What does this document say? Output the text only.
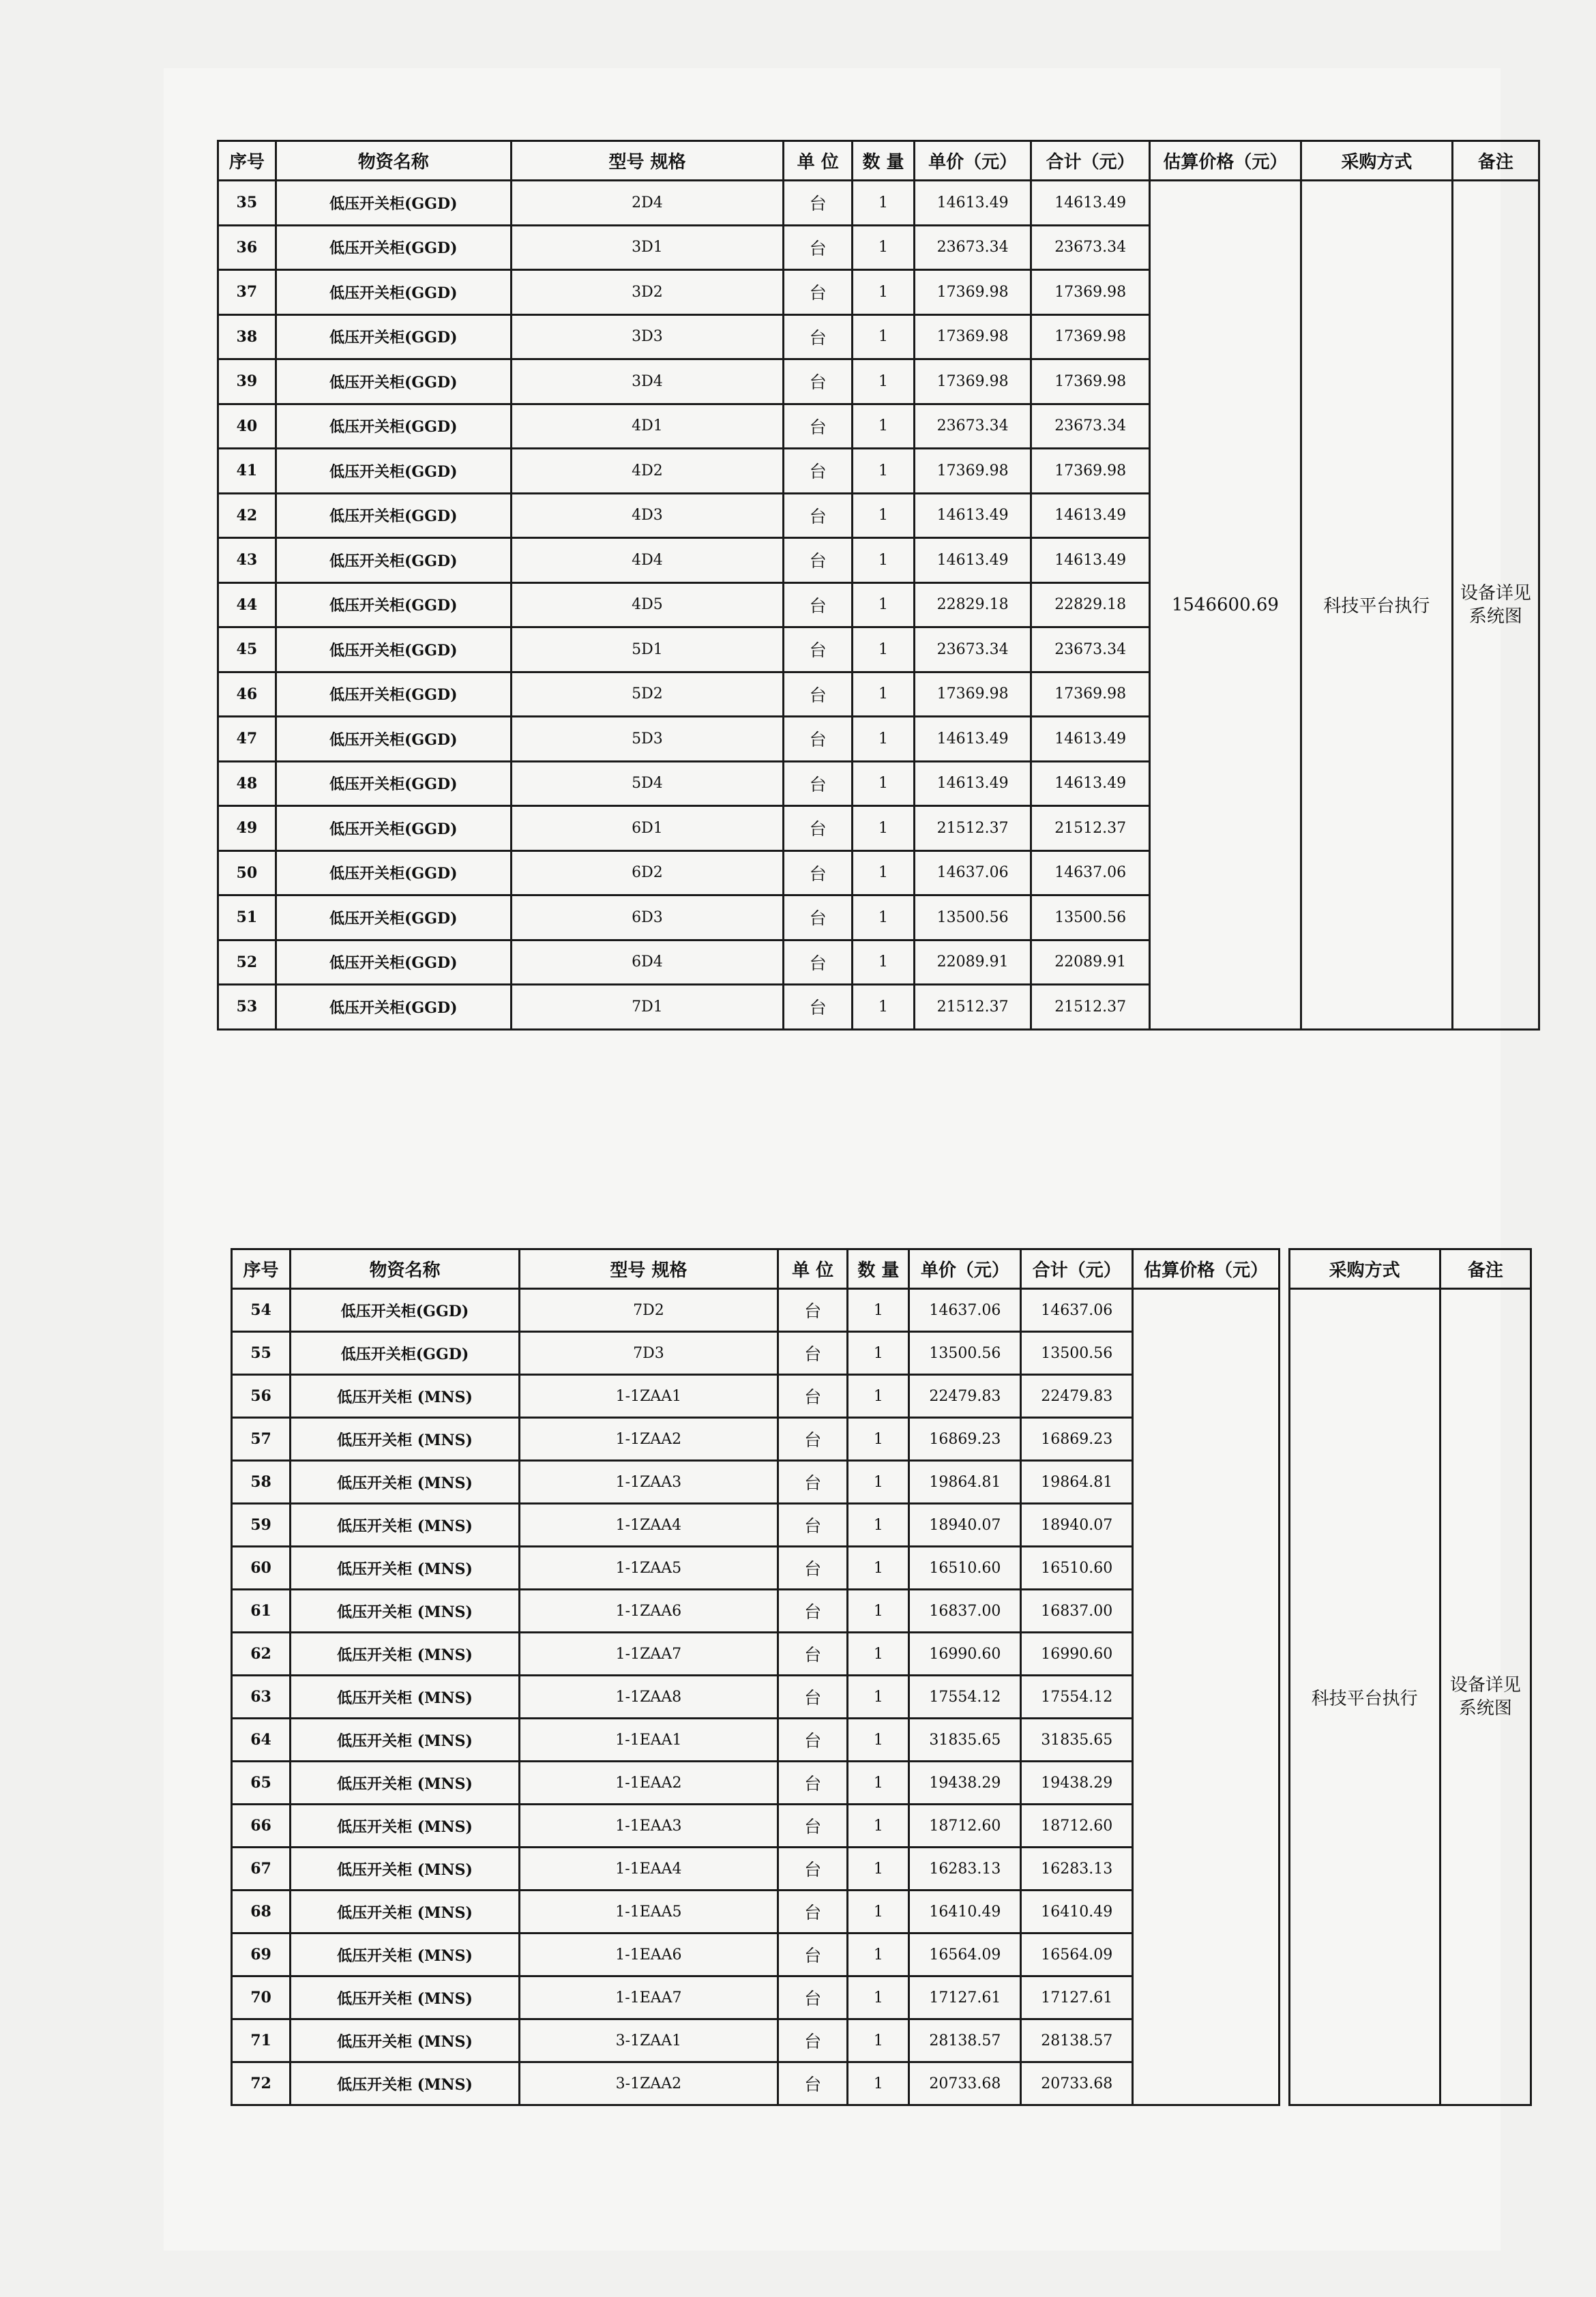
序号	物资名称	型号 规格	单 位	数 量	单价（元）	合计（元）	估算价格（元）	采购方式	备注
35	低压开关柜(GGD)	2D4	台	1	14613.49	14613.49	1546600.69	科技平台执行	设备详见系统图
36	低压开关柜(GGD)	3D1	台	1	23673.34	23673.34			
37	低压开关柜(GGD)	3D2	台	1	17369.98	17369.98			
38	低压开关柜(GGD)	3D3	台	1	17369.98	17369.98			
39	低压开关柜(GGD)	3D4	台	1	17369.98	17369.98			
40	低压开关柜(GGD)	4D1	台	1	23673.34	23673.34			
41	低压开关柜(GGD)	4D2	台	1	17369.98	17369.98			
42	低压开关柜(GGD)	4D3	台	1	14613.49	14613.49			
43	低压开关柜(GGD)	4D4	台	1	14613.49	14613.49			
44	低压开关柜(GGD)	4D5	台	1	22829.18	22829.18			
45	低压开关柜(GGD)	5D1	台	1	23673.34	23673.34			
46	低压开关柜(GGD)	5D2	台	1	17369.98	17369.98			
47	低压开关柜(GGD)	5D3	台	1	14613.49	14613.49			
48	低压开关柜(GGD)	5D4	台	1	14613.49	14613.49			
49	低压开关柜(GGD)	6D1	台	1	21512.37	21512.37			
50	低压开关柜(GGD)	6D2	台	1	14637.06	14637.06			
51	低压开关柜(GGD)	6D3	台	1	13500.56	13500.56			
52	低压开关柜(GGD)	6D4	台	1	22089.91	22089.91			
53	低压开关柜(GGD)	7D1	台	1	21512.37	21512.37			
序号	物资名称	型号 规格	单 位	数 量	单价（元）	合计（元）	估算价格（元）		采购方式	备注
54	低压开关柜(GGD)	7D2	台	1	14637.06	14637.06			科技平台执行	设备详见系统图
55	低压开关柜(GGD)	7D3	台	1	13500.56	13500.56				
56	低压开关柜 (MNS)	1-1ZAA1	台	1	22479.83	22479.83				
57	低压开关柜 (MNS)	1-1ZAA2	台	1	16869.23	16869.23				
58	低压开关柜 (MNS)	1-1ZAA3	台	1	19864.81	19864.81				
59	低压开关柜 (MNS)	1-1ZAA4	台	1	18940.07	18940.07				
60	低压开关柜 (MNS)	1-1ZAA5	台	1	16510.60	16510.60				
61	低压开关柜 (MNS)	1-1ZAA6	台	1	16837.00	16837.00				
62	低压开关柜 (MNS)	1-1ZAA7	台	1	16990.60	16990.60				
63	低压开关柜 (MNS)	1-1ZAA8	台	1	17554.12	17554.12				
64	低压开关柜 (MNS)	1-1EAA1	台	1	31835.65	31835.65				
65	低压开关柜 (MNS)	1-1EAA2	台	1	19438.29	19438.29				
66	低压开关柜 (MNS)	1-1EAA3	台	1	18712.60	18712.60				
67	低压开关柜 (MNS)	1-1EAA4	台	1	16283.13	16283.13				
68	低压开关柜 (MNS)	1-1EAA5	台	1	16410.49	16410.49				
69	低压开关柜 (MNS)	1-1EAA6	台	1	16564.09	16564.09				
70	低压开关柜 (MNS)	1-1EAA7	台	1	17127.61	17127.61				
71	低压开关柜 (MNS)	3-1ZAA1	台	1	28138.57	28138.57				
72	低压开关柜 (MNS)	3-1ZAA2	台	1	20733.68	20733.68				
